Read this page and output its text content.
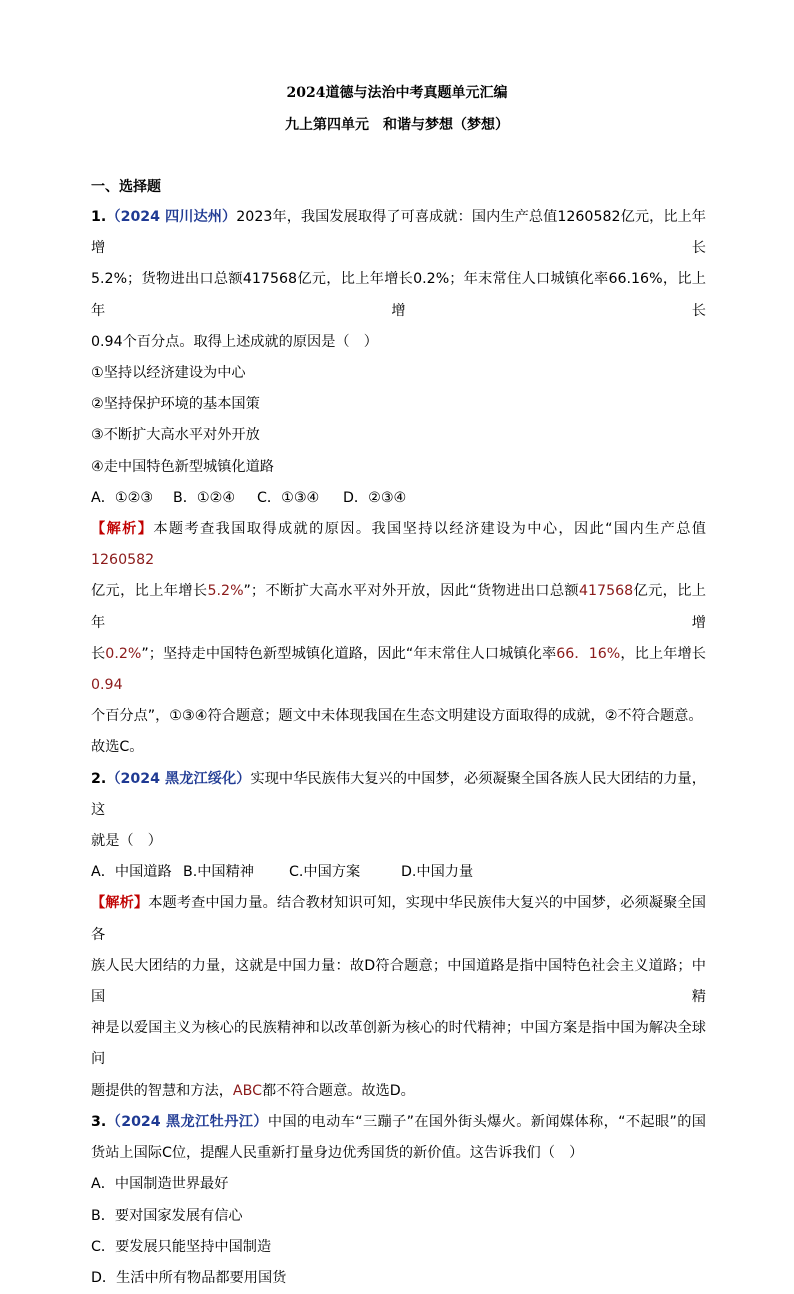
2024道德与法治中考真题单元汇编
九上第四单元　和谐与梦想（梦想）
一、选择题

1.（2024 四川达州）2023年，我国发展取得了可喜成就：国内生产总值1260582亿元，比上年增长

5.2%；货物进出口总额417568亿元，比上年增长0.2%；年末常住人口城镇化率66.16%，比上年增长

0.94个百分点。取得上述成就的原因是（　）

①坚持以经济建设为中心

②坚持保护环境的基本国策

③不断扩大高水平对外开放

④走中国特色新型城镇化道路

A．①②③ B．①②④ C．①③④ D．②③④

【解析】本题考查我国取得成就的原因。我国坚持以经济建设为中心，因此“国内生产总值1260582

亿元，比上年增长5.2%”；不断扩大高水平对外开放，因此“货物进出口总额417568亿元，比上年增

长0.2%”；坚持走中国特色新型城镇化道路，因此“年末常住人口城镇化率66．16%，比上年增长0.94

个百分点”，①③④符合题意；题文中未体现我国在生态文明建设方面取得的成就，②不符合题意。

故选C。

2.（2024 黑龙江绥化）实现中华民族伟大复兴的中国梦，必须凝聚全国各族人民大团结的力量，这

就是（　）

A．中国道路 B.中国精神 C.中国方案	D.中国力量

【解析】本题考查中国力量。结合教材知识可知，实现中华民族伟大复兴的中国梦，必须凝聚全国各

族人民大团结的力量，这就是中国力量：故D符合题意；中国道路是指中国特色社会主义道路；中国精

神是以爱国主义为核心的民族精神和以改革创新为核心的时代精神；中国方案是指中国为解决全球问

题提供的智慧和方法，ABC都不符合题意。故选D。

3.（2024 黑龙江牡丹江）中国的电动车“三蹦子”在国外街头爆火。新闻媒体称，“不起眼”的国

货站上国际C位，提醒人民重新打量身边优秀国货的新价值。这告诉我们（　）

A．中国制造世界最好

B．要对国家发展有信心

C．要发展只能坚持中国制造

D．生活中所有物品都要用国货
